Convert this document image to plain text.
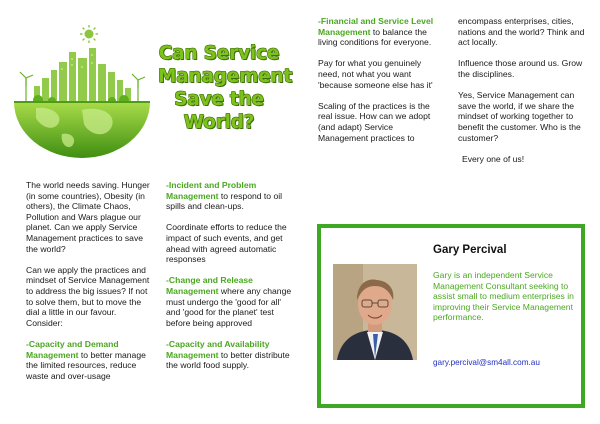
Can Service Management Save the World?

The world needs saving. Hunger (in some countries), Obesity (in others), the Climate Chaos, Pollution and Wars plague our planet. Can we apply Service Management practices to save the world?

Can we apply the practices and mindset of Service Management to address the big issues? If not to solve them, but to move the dial a little in our favour. Consider:

-Capacity and Demand Management to better manage the limited resources, reduce waste and over-usage

-Incident and Problem Management to respond to oil spills and clean-ups.

Coordinate efforts to reduce the impact of such events, and get ahead with agreed automatic responses

-Change and Release Management where any change must undergo the 'good for all' and 'good for the planet' test before being approved

-Capacity and Availability Management to better distribute the world food supply.

-Financial and Service Level Management to balance the living conditions for everyone.

Pay for what you genuinely need, not what you want 'because someone else has it'

Scaling of the practices is the real issue. How can we adopt (and adapt) Service Management practices to

encompass enterprises, cities, nations and the world? Think and act locally.

Influence those around us. Grow the disciplines.

Yes, Service Management can save the world, if we share the mindset of working together to benefit the customer. Who is the customer?

Every one of us!

Gary Percival
Gary is an independent Service Management Consultant seeking to assist small to medium enterprises in improving their Service Management performance.
gary.percival@sm4all.com.au
